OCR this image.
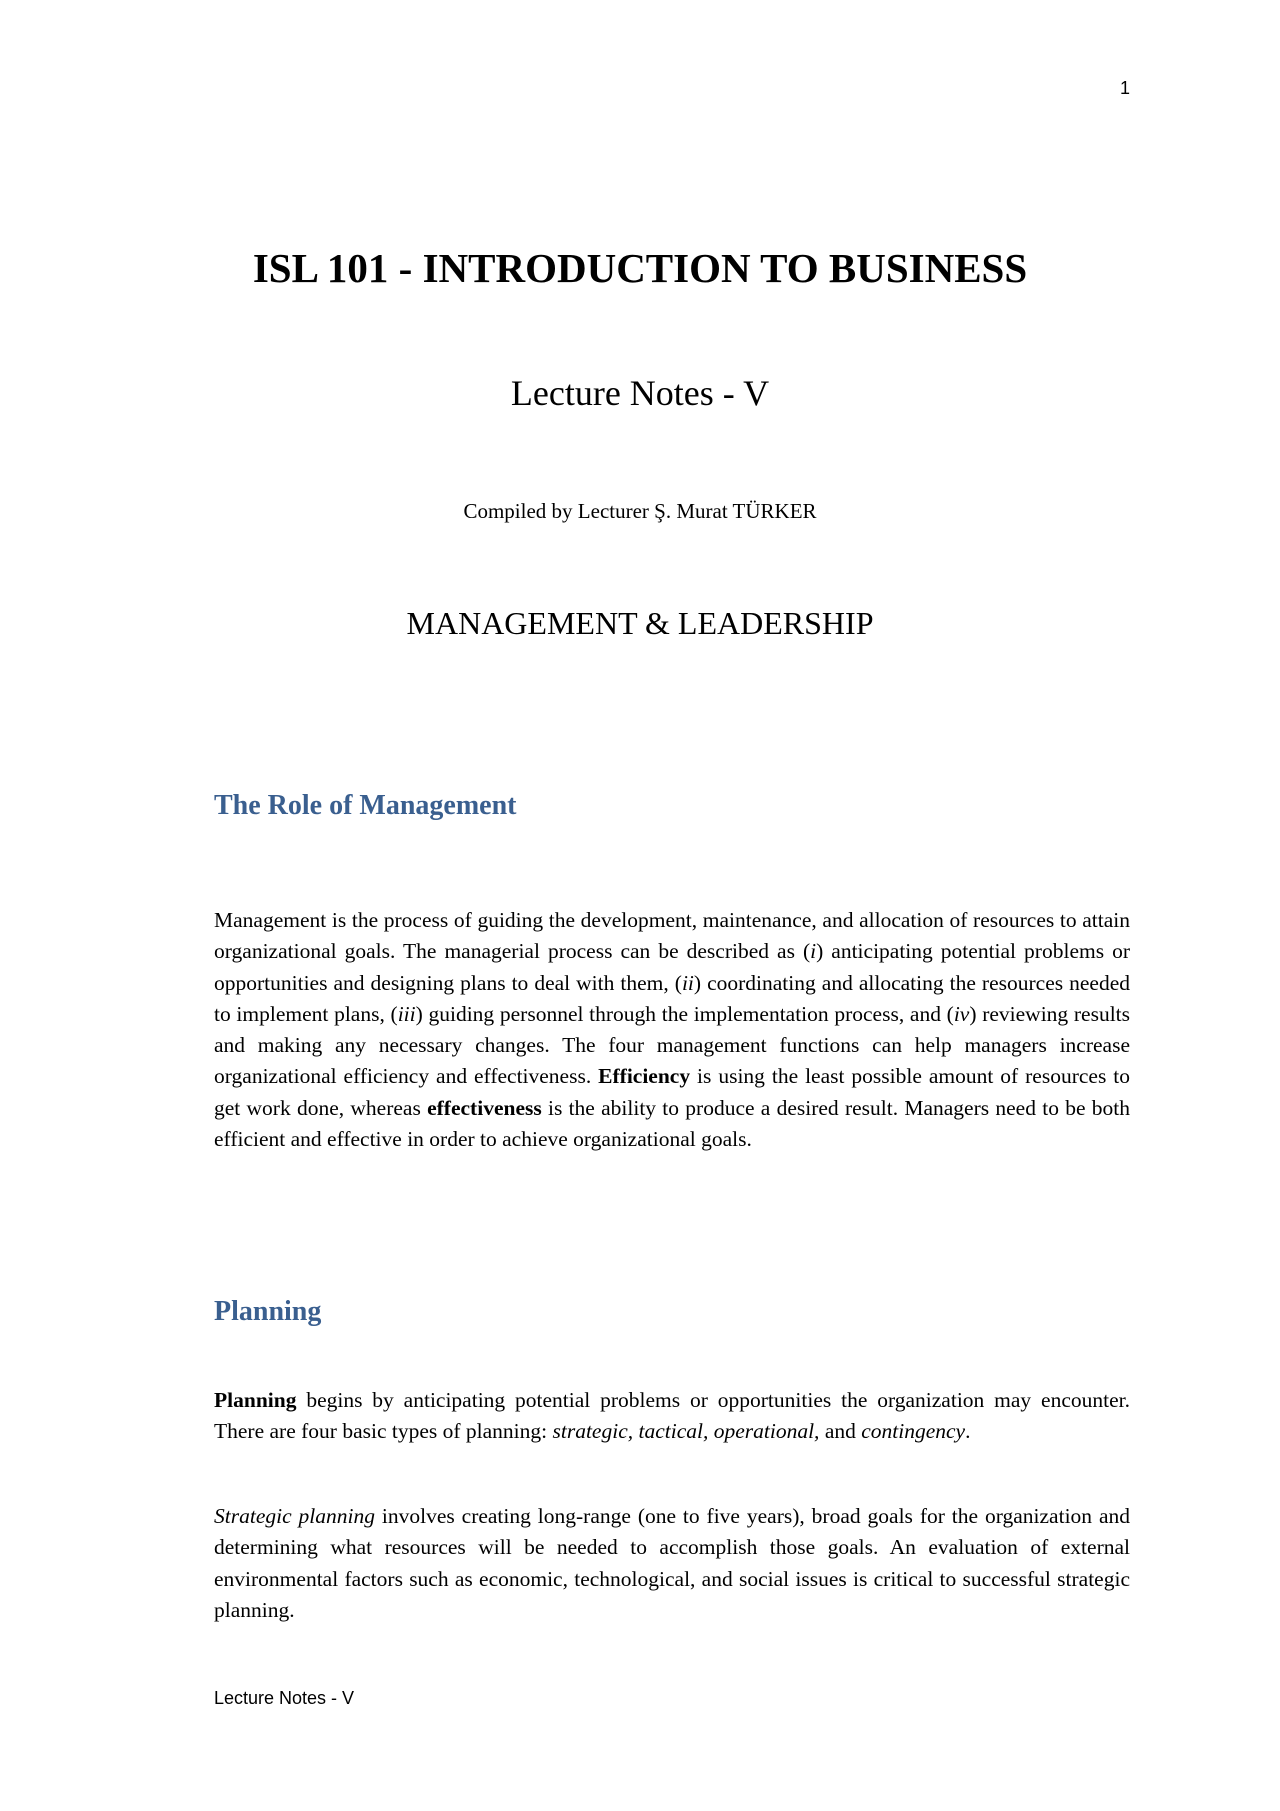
1
ISL 101 - INTRODUCTION TO BUSINESS
Lecture Notes - V
Compiled by Lecturer Ş. Murat TÜRKER
MANAGEMENT & LEADERSHIP
The Role of Management

Management is the process of guiding the development, maintenance, and allocation of resources to attain organizational goals. The managerial process can be described as (i) anticipating potential problems or opportunities and designing plans to deal with them, (ii) coordinating and allocating the resources needed to implement plans, (iii) guiding personnel through the implementation process, and (iv) reviewing results and making any necessary changes. The four management functions can help managers increase organizational efficiency and effectiveness. Efficiency is using the least possible amount of resources to get work done, whereas effectiveness is the ability to produce a desired result. Managers need to be both efficient and effective in order to achieve organizational goals.

Planning

Planning begins by anticipating potential problems or opportunities the organization may encounter. There are four basic types of planning: strategic, tactical, operational, and contingency.

Strategic planning involves creating long-range (one to five years), broad goals for the organization and determining what resources will be needed to accomplish those goals. An evaluation of external environmental factors such as economic, technological, and social issues is critical to successful strategic planning.

Lecture Notes - V
